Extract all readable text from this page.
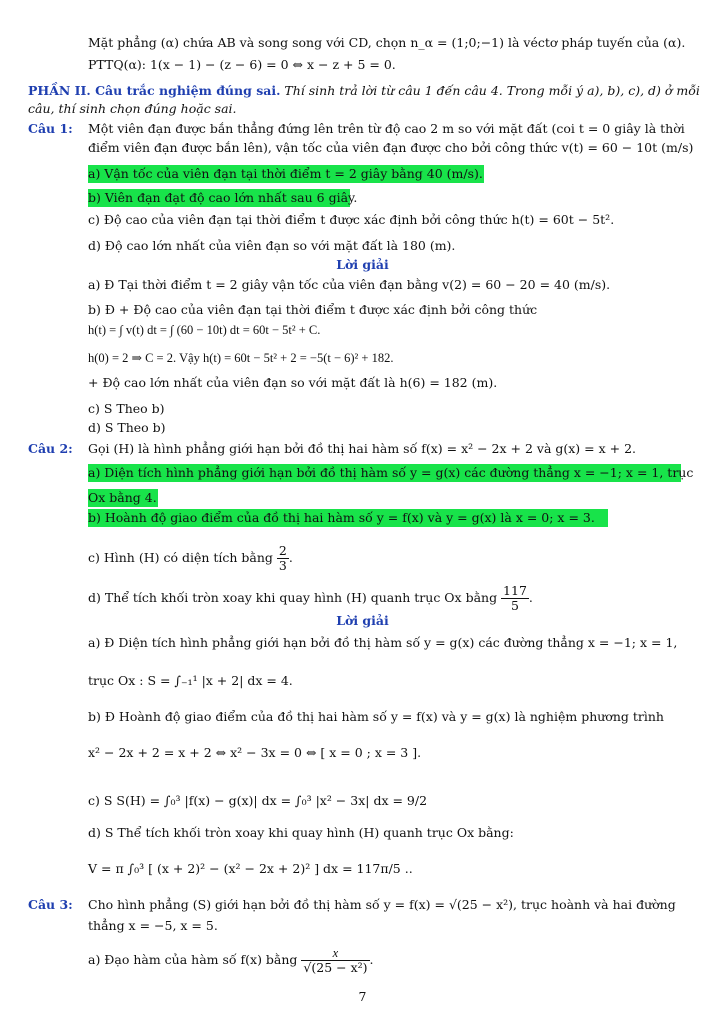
Mặt phẳng (α) chứa AB và song song với CD, chọn n_α = (1;0;−1) là véctơ pháp tuyến của (α).
PTTQ(α): 1(x − 1) − (z − 6) = 0 ⇔ x − z + 5 = 0.
PHẦN II. Câu trắc nghiệm đúng sai. Thí sinh trả lời từ câu 1 đến câu 4. Trong mỗi ý a), b), c), d) ở mỗi
câu, thí sinh chọn đúng hoặc sai.
Câu 1: Một viên đạn được bắn thẳng đứng lên trên từ độ cao 2 m so với mặt đất (coi t = 0 giây là thời
điểm viên đạn được bắn lên), vận tốc của viên đạn được cho bởi công thức v(t) = 60 − 10t (m/s)
a) Vận tốc của viên đạn tại thời điểm t = 2 giây bằng 40 (m/s).
b) Viên đạn đạt độ cao lớn nhất sau 6 giây.
c) Độ cao của viên đạn tại thời điểm t được xác định bởi công thức h(t) = 60t − 5t².
d) Độ cao lớn nhất của viên đạn so với mặt đất là 180 (m).
Lời giải
a) Đ Tại thời điểm t = 2 giây vận tốc của viên đạn bằng v(2) = 60 − 20 = 40 (m/s).
b) Đ + Độ cao của viên đạn tại thời điểm t được xác định bởi công thức
h(t) = ∫ v(t) dt = ∫ (60 − 10t) dt = 60t − 5t² + C.
h(0) = 2 ⇒ C = 2. Vậy h(t) = 60t − 5t² + 2 = −5(t − 6)² + 182.
+ Độ cao lớn nhất của viên đạn so với mặt đất là h(6) = 182 (m).
c) S Theo b)
d) S Theo b)
Câu 2: Gọi (H) là hình phẳng giới hạn bởi đồ thị hai hàm số f(x) = x² − 2x + 2 và g(x) = x + 2.
a) Diện tích hình phẳng giới hạn bởi đồ thị hàm số y = g(x) các đường thẳng x = −1; x = 1, trục
Ox bằng 4.
b) Hoành độ giao điểm của đồ thị hai hàm số y = f(x) và y = g(x) là x = 0; x = 3.
c) Hình (H) có diện tích bằng $\frac{2}{3}$ .
d) Thể tích khối tròn xoay khi quay hình (H) quanh trục Ox bằng $\frac{117}{5}$ .
Lời giải
a) Đ Diện tích hình phẳng giới hạn bởi đồ thị hàm số y = g(x) các đường thẳng x = −1; x = 1,
trục Ox : S = ∫₋₁¹ |x + 2| dx = 4.
b) Đ Hoành độ giao điểm của đồ thị hai hàm số y = f(x) và y = g(x) là nghiệm phương trình
x² − 2x + 2 = x + 2 ⇔ x² − 3x = 0 ⇔ [ x = 0 ; x = 3 ].
c) S S(H) = ∫₀³ |f(x) − g(x)| dx = ∫₀³ |x² − 3x| dx = 9/2
d) S Thể tích khối tròn xoay khi quay hình (H) quanh trục Ox bằng:
V = π ∫₀³ [ (x + 2)² − (x² − 2x + 2)² ] dx = 117π/5 ..
Câu 3: Cho hình phẳng (S) giới hạn bởi đồ thị hàm số y = f(x) = √(25 − x²), trục hoành và hai đường
thẳng x = −5, x = 5.
a) Đạo hàm của hàm số f(x) bằng $\frac{x}{\text{√(25 − x²)}}$ .
7
